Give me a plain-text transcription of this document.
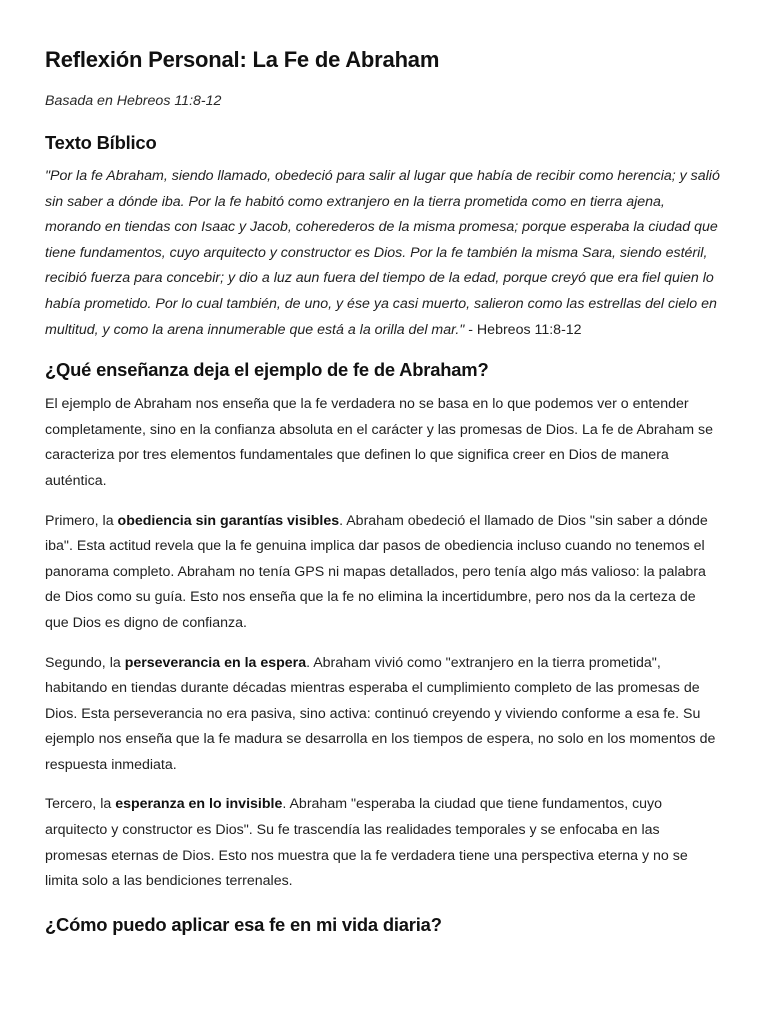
Reflexión Personal: La Fe de Abraham
Basada en Hebreos 11:8-12
Texto Bíblico

"Por la fe Abraham, siendo llamado, obedeció para salir al lugar que había de recibir como herencia; y salió sin saber a dónde iba. Por la fe habitó como extranjero en la tierra prometida como en tierra ajena, morando en tiendas con Isaac y Jacob, coherederos de la misma promesa; porque esperaba la ciudad que tiene fundamentos, cuyo arquitecto y constructor es Dios. Por la fe también la misma Sara, siendo estéril, recibió fuerza para concebir; y dio a luz aun fuera del tiempo de la edad, porque creyó que era fiel quien lo había prometido. Por lo cual también, de uno, y ése ya casi muerto, salieron como las estrellas del cielo en multitud, y como la arena innumerable que está a la orilla del mar." - Hebreos 11:8-12

¿Qué enseñanza deja el ejemplo de fe de Abraham?

El ejemplo de Abraham nos enseña que la fe verdadera no se basa en lo que podemos ver o entender completamente, sino en la confianza absoluta en el carácter y las promesas de Dios. La fe de Abraham se caracteriza por tres elementos fundamentales que definen lo que significa creer en Dios de manera auténtica.

Primero, la obediencia sin garantías visibles. Abraham obedeció el llamado de Dios "sin saber a dónde iba". Esta actitud revela que la fe genuina implica dar pasos de obediencia incluso cuando no tenemos el panorama completo. Abraham no tenía GPS ni mapas detallados, pero tenía algo más valioso: la palabra de Dios como su guía. Esto nos enseña que la fe no elimina la incertidumbre, pero nos da la certeza de que Dios es digno de confianza.

Segundo, la perseverancia en la espera. Abraham vivió como "extranjero en la tierra prometida", habitando en tiendas durante décadas mientras esperaba el cumplimiento completo de las promesas de Dios. Esta perseverancia no era pasiva, sino activa: continuó creyendo y viviendo conforme a esa fe. Su ejemplo nos enseña que la fe madura se desarrolla en los tiempos de espera, no solo en los momentos de respuesta inmediata.

Tercero, la esperanza en lo invisible. Abraham "esperaba la ciudad que tiene fundamentos, cuyo arquitecto y constructor es Dios". Su fe trascendía las realidades temporales y se enfocaba en las promesas eternas de Dios. Esto nos muestra que la fe verdadera tiene una perspectiva eterna y no se limita solo a las bendiciones terrenales.

¿Cómo puedo aplicar esa fe en mi vida diaria?
